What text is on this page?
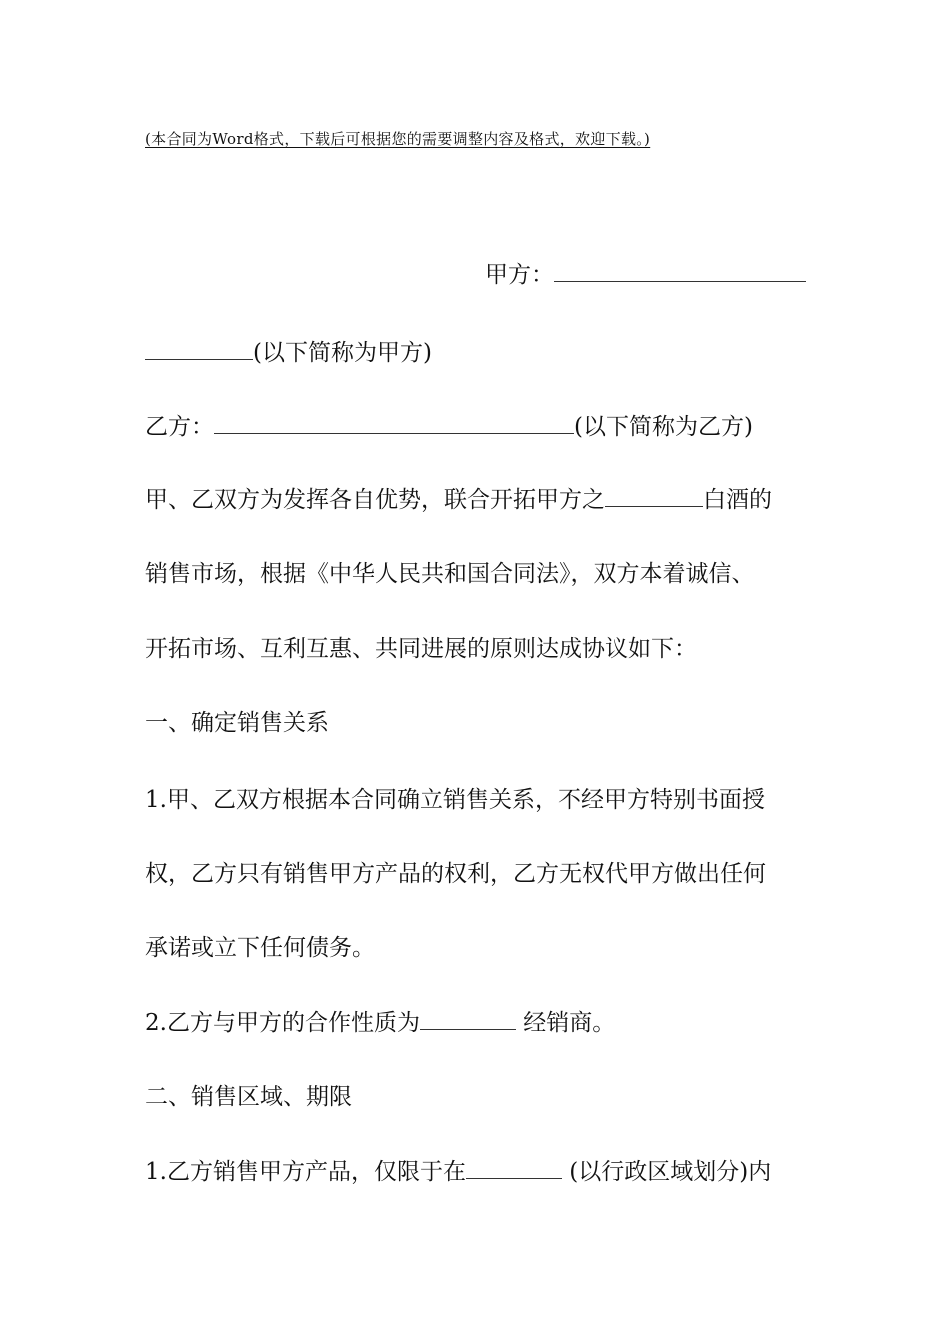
(本合同为Word格式，下载后可根据您的需要调整内容及格式，欢迎下载。)
甲方：
(以下简称为甲方)
乙方：	(以下简称为乙方)
甲、乙双方为发挥各自优势，联合开拓甲方之	白酒的
销售市场，根据《中华人民共和国合同法》，双方本着诚信、
开拓市场、互利互惠、共同进展的原则达成协议如下：
一、确定销售关系
1.甲、乙双方根据本合同确立销售关系，不经甲方特别书面授
权，乙方只有销售甲方产品的权利，乙方无权代甲方做出任何
承诺或立下任何债务。
2.乙方与甲方的合作性质为	经销商。
二、销售区域、期限
1.乙方销售甲方产品，仅限于在	(以行政区域划分)内
